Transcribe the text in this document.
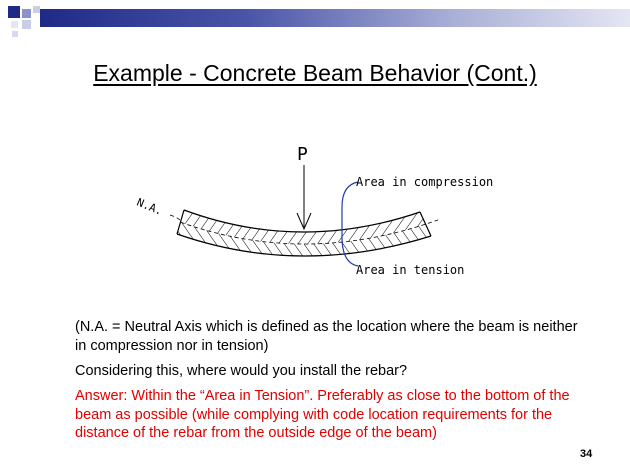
Example - Concrete Beam Behavior (Cont.)
N.A.
P
Area in compression
Area in tension
(N.A. = Neutral Axis which is defined as the location where the beam is neither in compression nor in tension)
Considering this, where would you install the rebar?
Answer: Within the “Area in Tension”. Preferably as close to the bottom of the beam as possible (while complying with code location requirements for the distance of the rebar from the outside edge of the beam)
34
